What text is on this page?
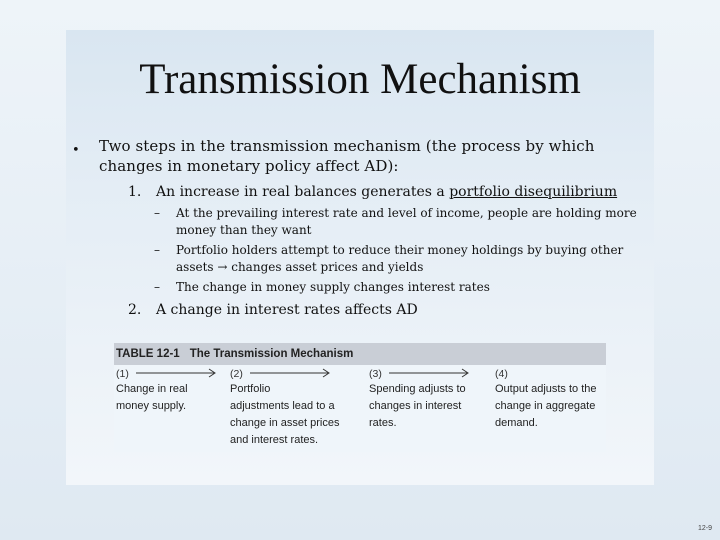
Transmission Mechanism
• Two steps in the transmission mechanism (the process by which changes in monetary policy affect AD):
1. An increase in real balances generates a portfolio disequilibrium
– At the prevailing interest rate and level of income, people are holding more money than they want
– Portfolio holders attempt to reduce their money holdings by buying other assets → changes asset prices and yields
– The change in money supply changes interest rates
2. A change in interest rates affects AD
TABLE 12-1 The Transmission Mechanism
(1)
Change in real
money supply.
(2)
Portfolio
adjustments lead to a
change in asset prices
and interest rates.
(3)
Spending adjusts to
changes in interest
rates.
(4)
Output adjusts to the
change in aggregate
demand.
12-9
